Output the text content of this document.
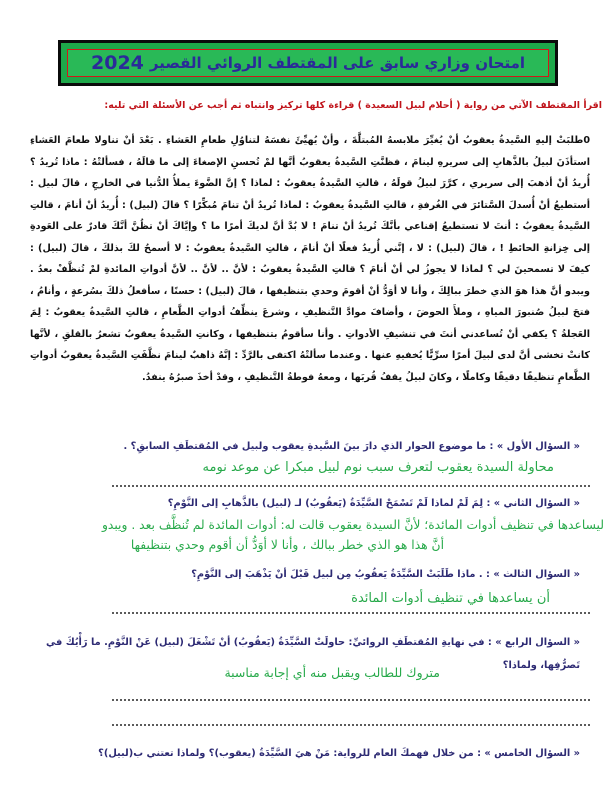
امتحان وزاري سابق على المقتطف الروائي القصير
2024
اقرأ المقتطف الآتي من رواية ( أحلام لبيل السعيدة ) قراءة كلها تركيز وانتباه ثم أجب عن الأسئلة التي تليه:
0طلبَتْ إليهِ السَّيدةُ يعقوبُ أنْ يُغيِّرَ ملابسهُ المُبتلَّةَ ، وأنْ يُهيِّئَ نفسَهُ لتناوُلِ طعامِ العَشاءِ . بَعْدَ أنْ تناولا طعامَ العَشاءِ استأذَنَ لبيلُ بالذَّهابِ إلى سريرهِ لينامَ ، فظنَّتِ السَّيدةُ يعقوبُ أنَّها لمْ تُحسنِ الإصغاءَ إلى ما قالَهُ ، فسألتْهُ : ماذا تُريدُ ؟ أُريدُ أنْ أذهبَ إلى سريري ، كرَّرَ لبيلُ قولَهُ ، قالتِ السَّيدةُ يعقوبُ : لماذا ؟ إنَّ الضَّوءَ يملأُ الدُّنيا في الخارجِ ، قالَ لبيل : أستطيعُ أنْ أُسدلَ السَّتائرَ في الغُرفةِ ، قالتِ السَّيدةُ يعقوبُ : لماذا تُريدُ أنْ تنامَ مُبكِّرًا ؟ قالَ (لبيل) : أُريدُ أنْ أنامَ ، قالتِ السَّيدةُ يعقوبُ : أنتَ لا تستطيعُ إقناعي بأنَّكَ تُريدُ أنْ تنامَ ! لا بُدَّ أنَّ لديكَ أمرًا ما ؟ وإيَّاكَ أنْ تظُنَّ أنَّكَ قادرٌ على العَودةِ إلى خِزانةِ الحائطِ ! ، قالَ (لبيل) : لا ، إنَّني أُريدُ فعلًا أنْ أنامَ ، قالتِ السَّيدةُ يعقوبُ : لا أسمحُ لكَ بذلكَ ، قالَ (لبيل) : كيفَ لا تسمحينَ لي ؟ لماذا لا يجوزُ لي أنْ أنامَ ؟ قالتِ السَّيدةُ يعقوبُ : لأنَّ .. لأنَّ .. لأنَّ أدواتِ المائدةِ لمْ تُنظَّفْ بعدُ . ويبدو أنَّ هذا هوَ الذي خطرَ ببالِكَ ، وأنا لا أوَدُّ أنْ أقومَ وحدي بتنظيفها ، قالَ (لبيل) : حسنًا ، سأفعلُ ذلكَ بسُرعةٍ ، وأنامُ ، فتحَ لبيلُ صُنبورَ المياهِ ، وملأَ الحوضَ ، وأضافَ موادَّ التَّنظيفِ ، وشرعَ ينظِّفُ أدواتِ الطَّعامِ ، قالتِ السَّيدةُ يعقوبُ : لِمَ العَجلةُ ؟ يكفي أنْ تُساعدني أنتَ في تنشيفِ الأدواتِ . وأنا سأقومُ بتنظيفها ، وكانتِ السَّيدةُ يعقوبُ تشعرُ بالقلقِ ، لأنَّها كانتْ تخشى أنَّ لدى لبيلَ أمرًا سرِّيًّا يُخفيهِ عنها . وعندما سألتْهُ اكتفى بالرَّدِّ : إنَّهُ ذاهبٌ لينامَ نظَّفَتِ السَّيدةُ يعقوبُ أدواتِ الطَّعامِ تنظيفًا دقيقًا وكاملًا ، وكانَ لبيلُ يقفُ قُربَها ، ومعهُ فوطةُ التَّنظيفِ ، وقدْ أخذَ صبرُهُ ينفدُ.
« السؤال الأول » : ما موضوع الحوار الذي دارَ بينَ السَّيدةِ يعقوب ولبيل في المُقتطَفِ السابقِ؟ .
محاولة السيدة يعقوب لتعرف سبب نوم لبيل مبكرا عن موعد نومه
« السؤال الثاني » : لِمَ لَمْ لماذا لَمْ تَسْمَحْ السَّيِّدَةُ (يَعقُوبُ) لـ (لبيل) بالذَّهابِ إلى النَّوْمِ؟
ليساعدها في تنظيف أدوات المائدة؛ لأنَّ السيدة يعقوب قالت له: أدوات المائدة لم تُنظَّف بعد . ويبدو
أنَّ هذا هو الذي خطر ببالك ، وأنا لا أوَدُّ أن أقوم وحدي بتنظيفها
« السؤال الثالث » : . ماذا طَلَبَتْ السَّيِّدَةُ يَعقُوبُ مِن لبيل قَبْلَ أنْ يَذْهَبَ إلى النَّوْمِ؟
أن يساعدها في تنظيف أدوات المائدة
« السؤال الرابع » : في نهايةِ المُقتطَفِ الروائيِّ: حاولَتْ السَّيِّدَةُ (يَعقُوبُ) أنْ تَشْغَلَ (لبيل) عَنْ النَّوْمِ. ما رَأْيُكَ في
تَصرُّفِها، ولماذا؟
متروك للطالب ويقبل منه أي إجابة مناسبة
« السؤال الخامس » : من خلال فهمكَ العام للرواية: مَنْ هيَ السَّيِّدَةُ (يعقوب)؟ ولماذا تعتني ب(لبيل)؟
